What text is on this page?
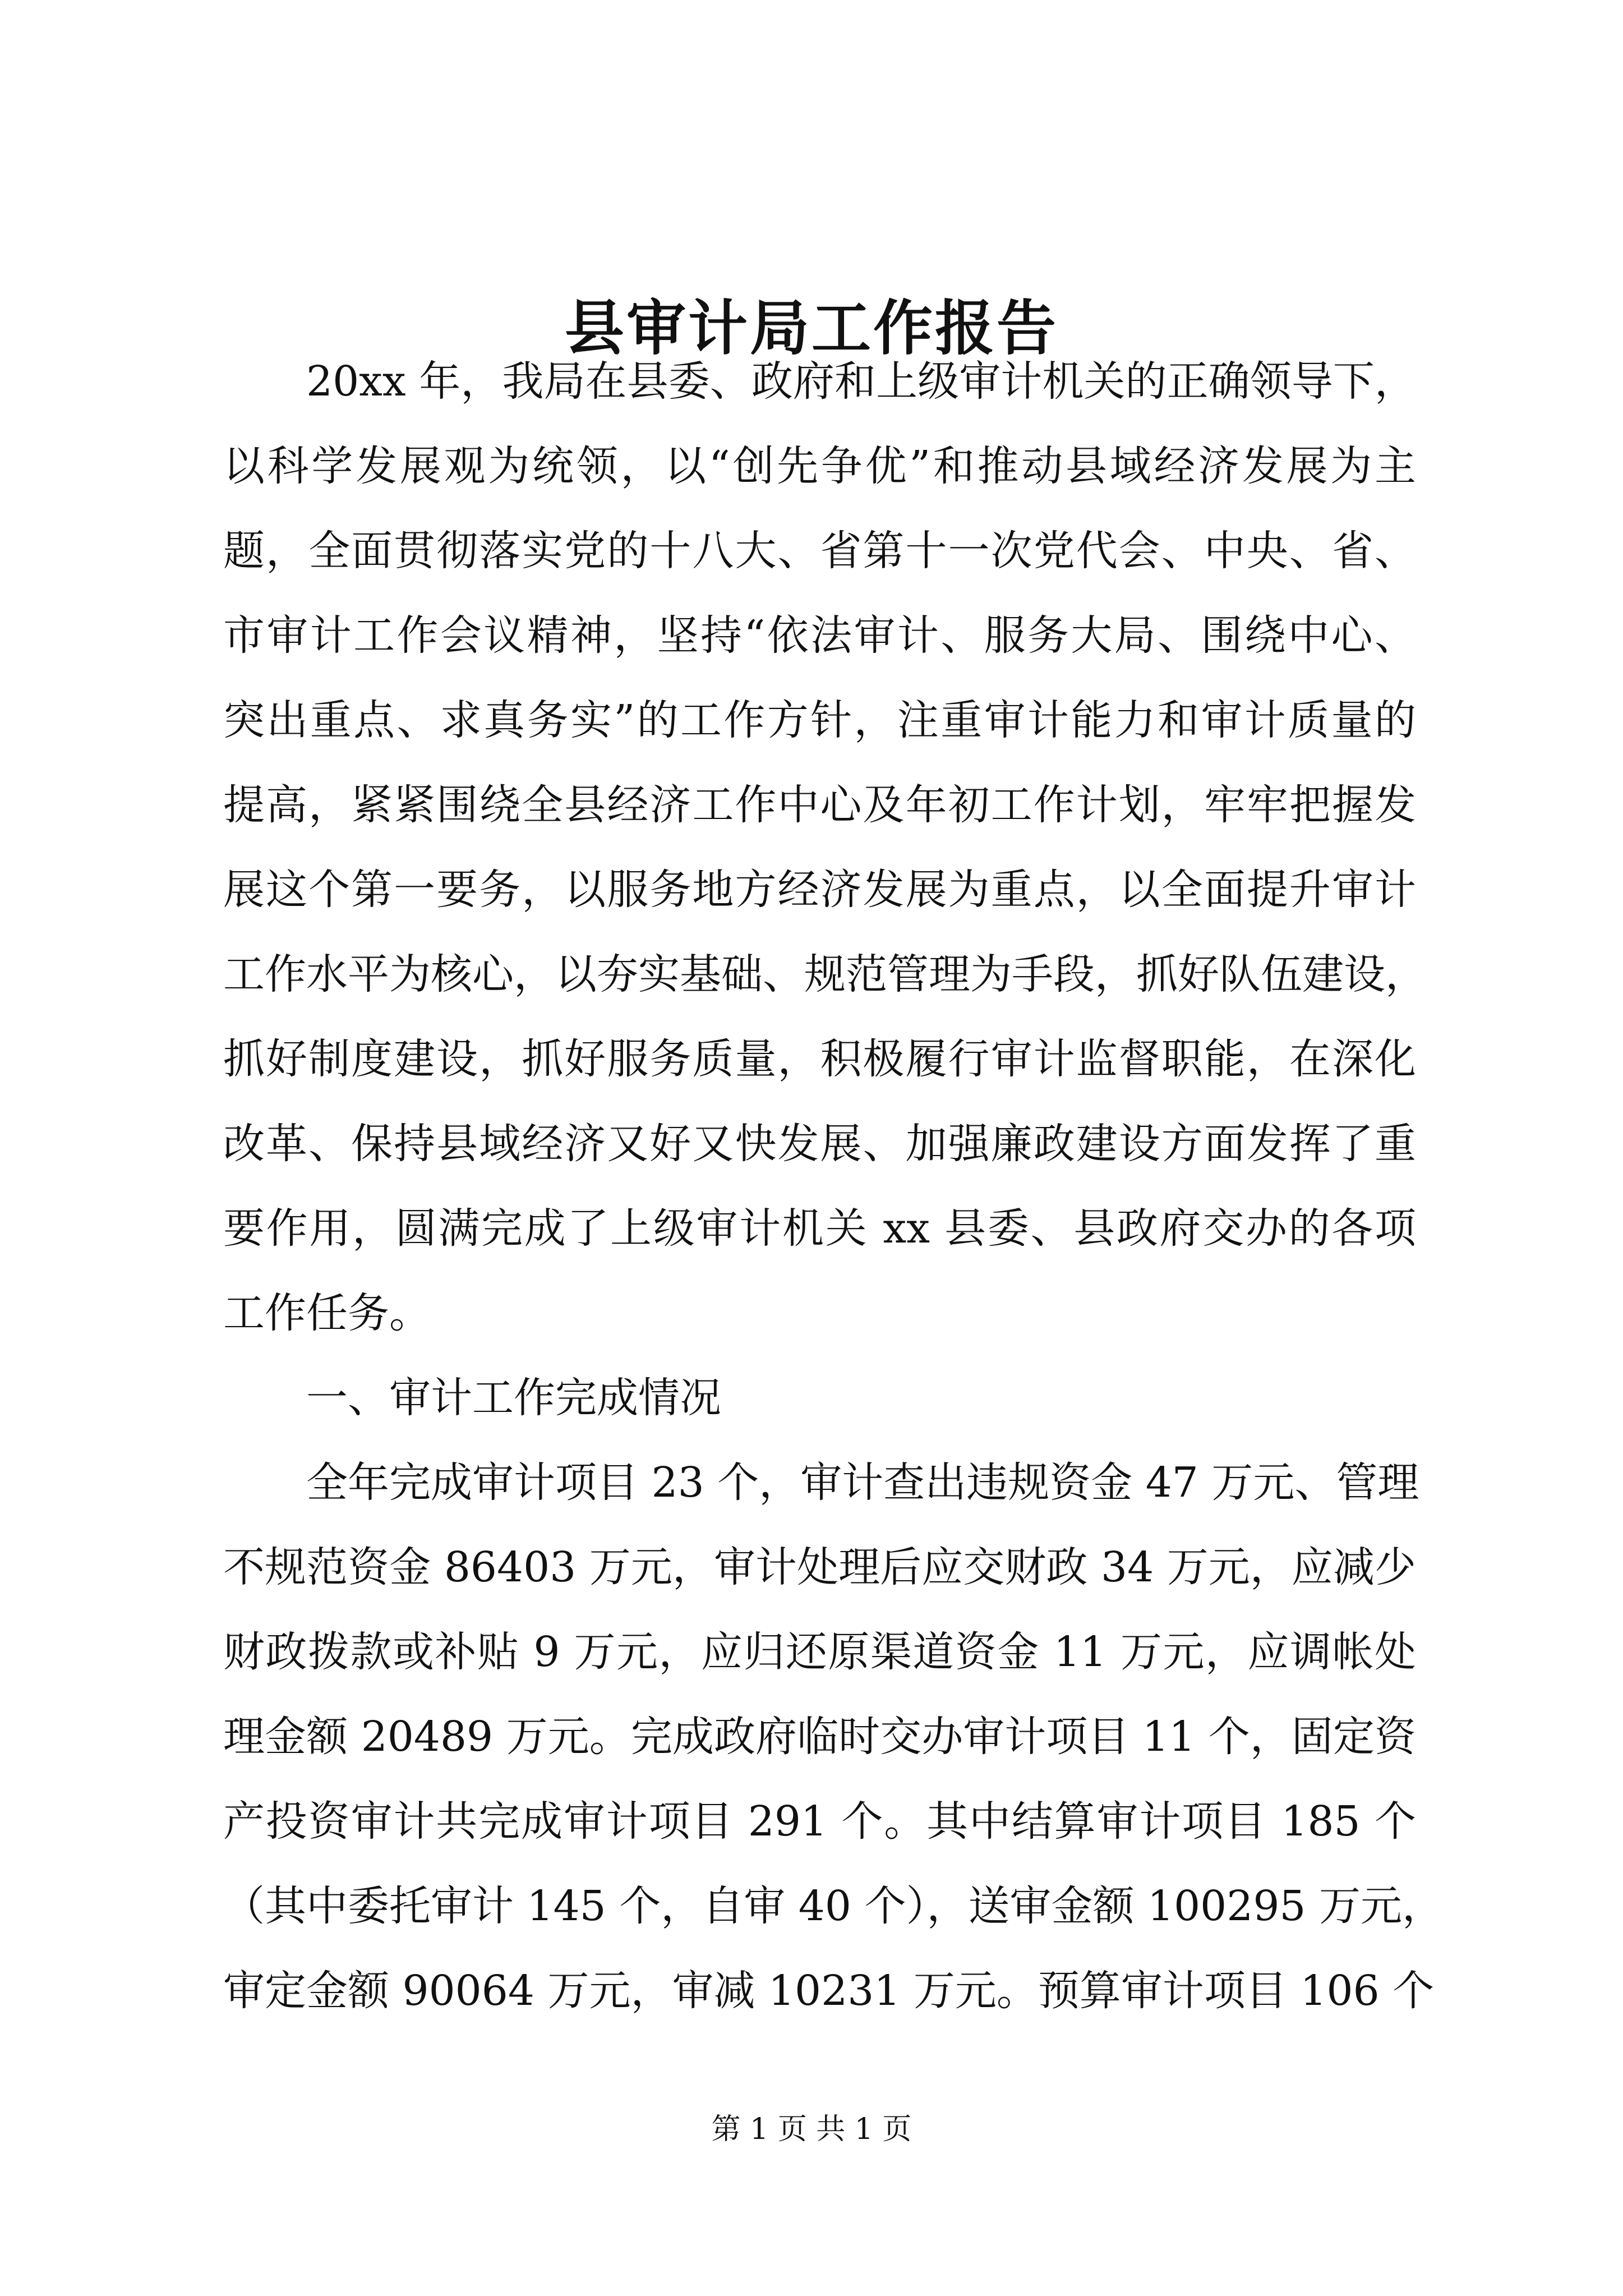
县审计局工作报告

20xx 年，我局在县委、政府和上级审计机关的正确领导下，

以科学发展观为统领，以“创先争优”和推动县域经济发展为主

题，全面贯彻落实党的十八大、省第十一次党代会、中央、省、

市审计工作会议精神，坚持“依法审计、服务大局、围绕中心、

突出重点、求真务实”的工作方针，注重审计能力和审计质量的

提高，紧紧围绕全县经济工作中心及年初工作计划，牢牢把握发

展这个第一要务，以服务地方经济发展为重点，以全面提升审计

工作水平为核心，以夯实基础、规范管理为手段，抓好队伍建设，

抓好制度建设，抓好服务质量，积极履行审计监督职能，在深化

改革、保持县域经济又好又快发展、加强廉政建设方面发挥了重

要作用，圆满完成了上级审计机关 xx 县委、县政府交办的各项

工作任务。

一、审计工作完成情况

全年完成审计项目 23 个，审计查出违规资金 47 万元、管理

不规范资金 86403 万元，审计处理后应交财政 34 万元，应减少

财政拨款或补贴 9 万元，应归还原渠道资金 11 万元，应调帐处

理金额 20489 万元。完成政府临时交办审计项目 11 个，固定资

产投资审计共完成审计项目 291 个。其中结算审计项目 185 个

（其中委托审计 145 个，自审 40 个），送审金额 100295 万元，

审定金额 90064 万元，审减 10231 万元。预算审计项目 106 个

第 1 页 共 1 页
